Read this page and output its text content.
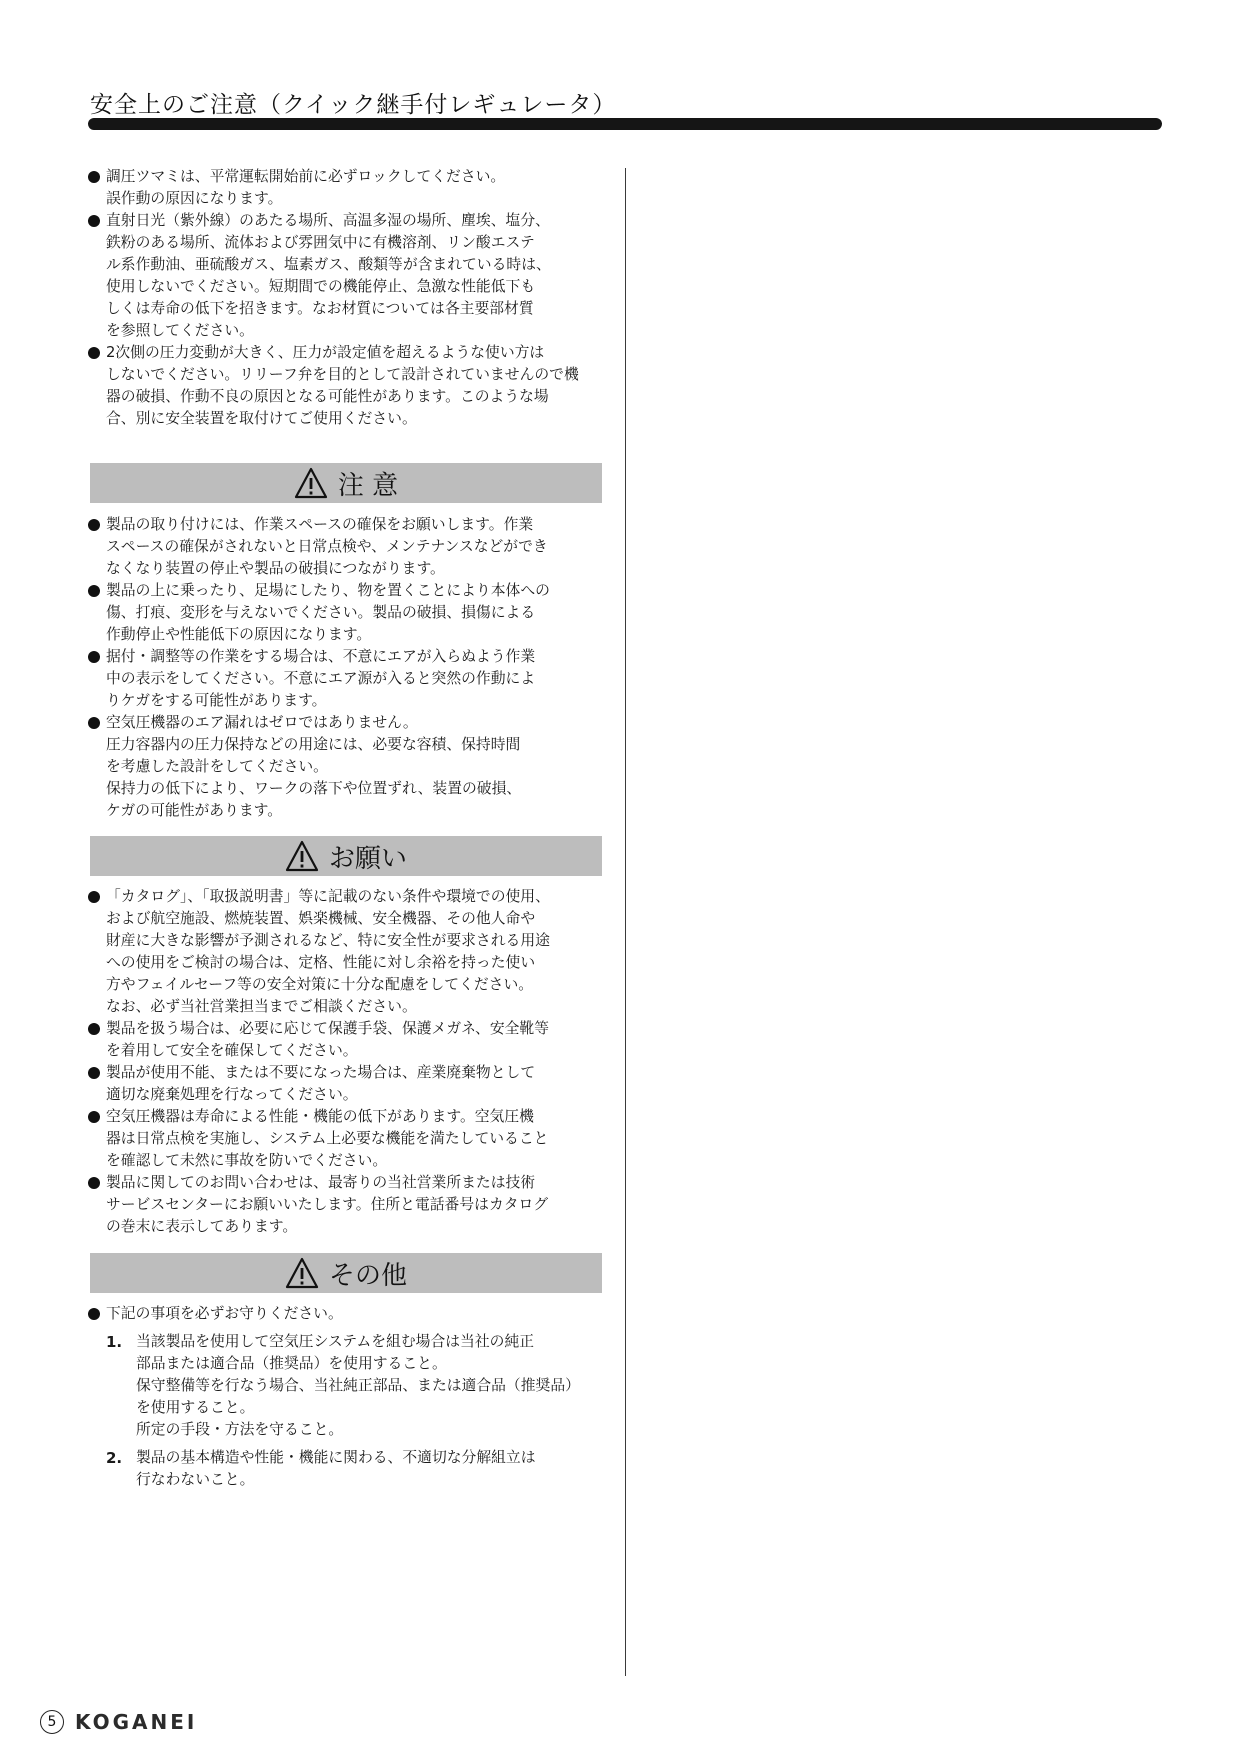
安全上のご注意（クイック継手付レギュレータ）
調圧ツマミは、平常運転開始前に必ずロックしてください。
誤作動の原因になります。
直射日光（紫外線）のあたる場所、高温多湿の場所、塵埃、塩分、
鉄粉のある場所、流体および雰囲気中に有機溶剤、リン酸エステ
ル系作動油、亜硫酸ガス、塩素ガス、酸類等が含まれている時は、
使用しないでください。短期間での機能停止、急激な性能低下も
しくは寿命の低下を招きます。なお材質については各主要部材質
を参照してください。
2次側の圧力変動が大きく、圧力が設定値を超えるような使い方は
しないでください。リリーフ弁を目的として設計されていませんので機
器の破損、作動不良の原因となる可能性があります。このような場
合、別に安全装置を取付けてご使用ください。
注 意
製品の取り付けには、作業スペースの確保をお願いします。作業
スペースの確保がされないと日常点検や、メンテナンスなどができ
なくなり装置の停止や製品の破損につながります。
製品の上に乗ったり、足場にしたり、物を置くことにより本体への
傷、打痕、変形を与えないでください。製品の破損、損傷による
作動停止や性能低下の原因になります。
据付・調整等の作業をする場合は、不意にエアが入らぬよう作業
中の表示をしてください。不意にエア源が入ると突然の作動によ
りケガをする可能性があります。
空気圧機器のエア漏れはゼロではありません。
圧力容器内の圧力保持などの用途には、必要な容積、保持時間
を考慮した設計をしてください。
保持力の低下により、ワークの落下や位置ずれ、装置の破損、
ケガの可能性があります。
お願い
「カタログ」、「取扱説明書」等に記載のない条件や環境での使用、
および航空施設、燃焼装置、娯楽機械、安全機器、その他人命や
財産に大きな影響が予測されるなど、特に安全性が要求される用途
への使用をご検討の場合は、定格、性能に対し余裕を持った使い
方やフェイルセーフ等の安全対策に十分な配慮をしてください。
なお、必ず当社営業担当までご相談ください。
製品を扱う場合は、必要に応じて保護手袋、保護メガネ、安全靴等
を着用して安全を確保してください。
製品が使用不能、または不要になった場合は、産業廃棄物として
適切な廃棄処理を行なってください。
空気圧機器は寿命による性能・機能の低下があります。空気圧機
器は日常点検を実施し、システム上必要な機能を満たしていること
を確認して未然に事故を防いでください。
製品に関してのお問い合わせは、最寄りの当社営業所または技術
サービスセンターにお願いいたします。住所と電話番号はカタログ
の巻末に表示してあります。
その他
下記の事項を必ずお守りください。
1. 当該製品を使用して空気圧システムを組む場合は当社の純正
部品または適合品（推奨品）を使用すること。
保守整備等を行なう場合、当社純正部品、または適合品（推奨品）
を使用すること。
所定の手段・方法を守ること。
2. 製品の基本構造や性能・機能に関わる、不適切な分解組立は
行なわないこと。
5 KOGANEI
